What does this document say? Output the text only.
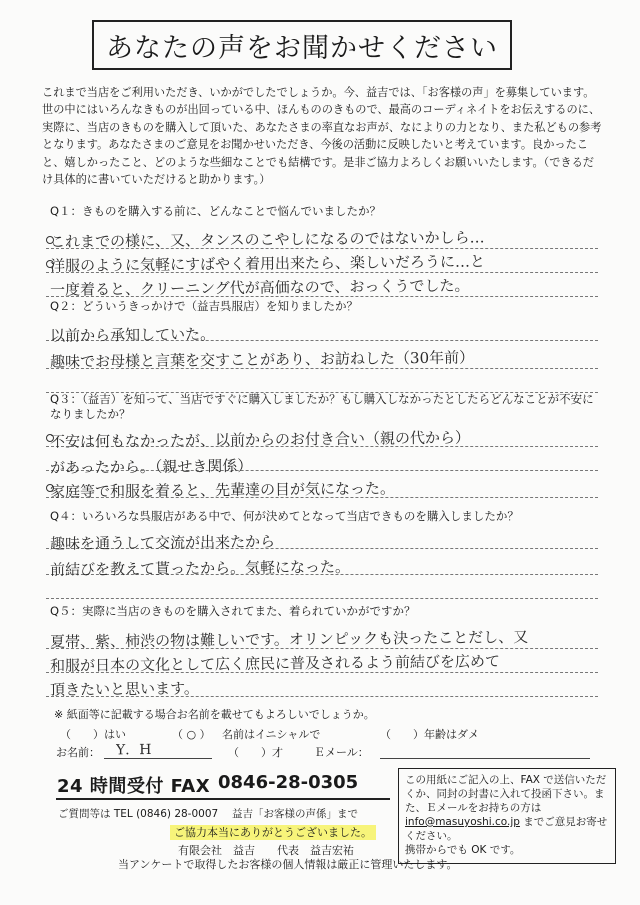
あなたの声をお聞かせください

これまで当店をご利用いただき、いかがでしたでしょうか。今、益吉では、「お客様の声」を募集しています。世の中にはいろんなきものが出回っている中、ほんもののきもので、最高のコーディネイトをお伝えするのに、実際に、当店のきものを購入して頂いた、あなたさまの率直なお声が、なによりの力となり、また私どもの参考となります。あなたさまのご意見をお聞かせいただき、今後の活動に反映したいと考えています。良かったこと、嬉しかったこと、どのような些細なことでも結構です。是非ご協力よろしくお願いいたします。（できるだけ具体的に書いていただけると助かります。）

Q１：きものを購入する前に、どんなことで悩んでいましたか？

これまでの様に、又、タンスのこやしになるのではないかしら…
洋服のように気軽にすばやく着用出来たら、楽しいだろうに…と
一度着ると、クリーニング代が高価なので、おっくうでした。

Q２：どういうきっかけで（益吉呉服店）を知りましたか？

以前から承知していた。
趣味でお母様と言葉を交すことがあり、お訪ねした（30年前）

Q３：（益吉）を知って、当店ですぐに購入しましたか？もし購入しなかったとしたらどんなことが不安になりましたか？

不安は何もなかったが、以前からのお付き合い（親の代から）
があったから。（親せき関係）
家庭等で和服を着ると、先輩達の目が気になった。

Q４：いろいろな呉服店がある中で、何が決めてとなって当店できものを購入しましたか？

趣味を通うして交流が出来たから
前結びを教えて貰ったから。気軽になった。

Q５：実際に当店のきものを購入されてまた、着られていかがですか？

夏帯、紫、柿渋の物は難しいです。オリンピックも決ったことだし、又
和服が日本の文化として広く庶民に普及されるよう前結びを広めて
頂きたいと思います。
※ 紙面等に記載する場合お名前を載せてもよろしいでしょうか。
（　　）はい	（ ○ ） 名前はイニシャルで	（　　）年齢はダメ
お名前： Y．H	（　　）才	Ｅメール：
24 時間受付 FAX 0846-28-0305
ご質問等は TEL (0846) 28-0007 益吉「お客様の声係」まで
ご協力本当にありがとうございました。
有限会社　益吉　　代表　益吉宏祐
この用紙にご記入の上、FAX で送信いただくか、同封の封書に入れて投函下さい。また、Ｅメールをお持ちの方は
info@masuyoshi.co.jp までご意見お寄せください。
携帯からでも OK です。
当アンケートで取得したお客様の個人情報は厳正に管理いたします。
